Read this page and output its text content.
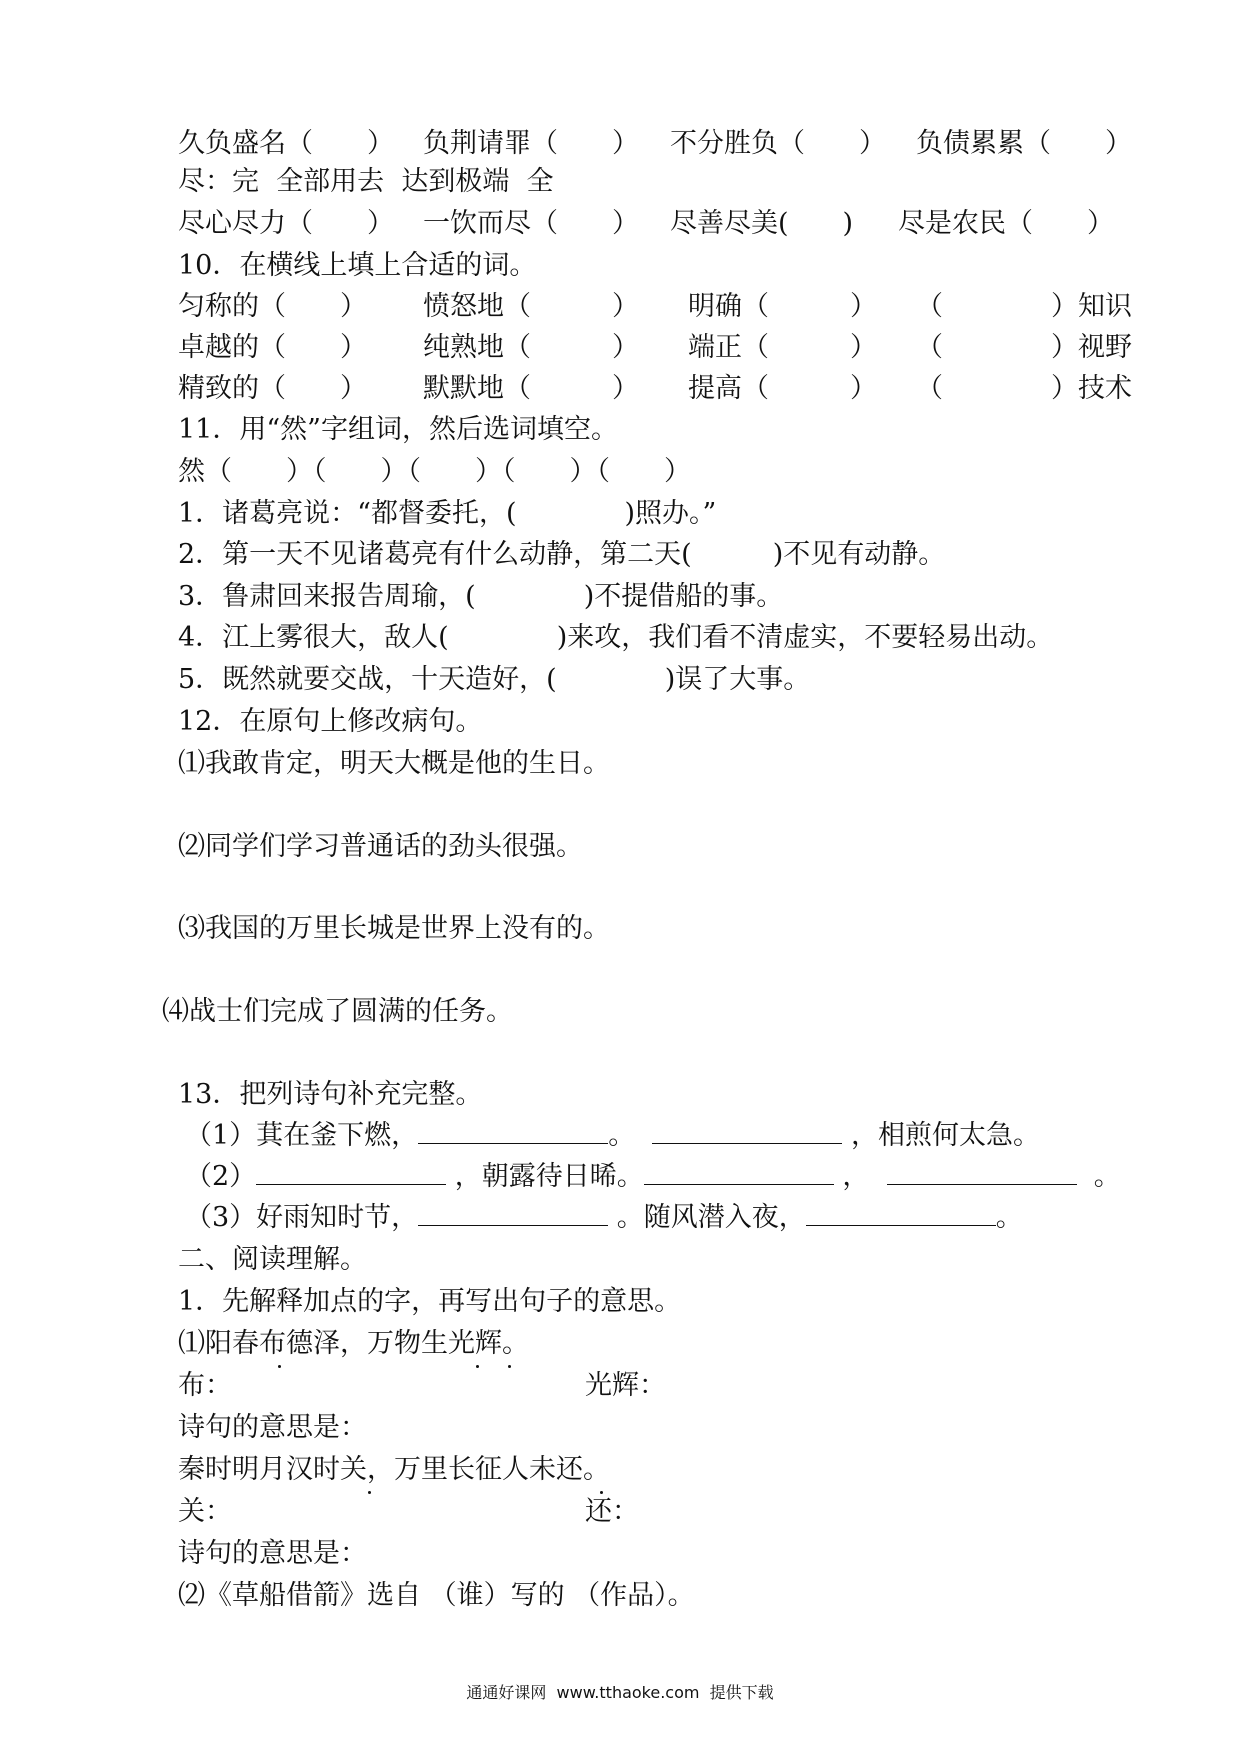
久负盛名（　　） 负荆请罪（　　） 不分胜负（　　） 负债累累（　　）
尽：完  全部用去  达到极端  全
尽心尽力（　　） 一饮而尽（　　） 尽善尽美(　　) 尽是农民（　　）
10．在横线上填上合适的词。
匀称的（　　） 愤怒地（　　　） 明确（　　　） （　　　　）知识
卓越的（　　） 纯熟地（　　　） 端正（　　　） （　　　　）视野
精致的（　　） 默默地（　　　） 提高（　　　） （　　　　）技术
11．用“然”字组词，然后选词填空。
然（　　）（　　）（　　）（　　）（　　）
1．诸葛亮说：“都督委托，(　　　　)照办。”
2．第一天不见诸葛亮有什么动静，第二天(　　　)不见有动静。
3．鲁肃回来报告周瑜，(　　　　)不提借船的事。
4．江上雾很大，敌人(　　　　)来攻，我们看不清虚实，不要轻易出动。
5．既然就要交战，十天造好，(　　　　)误了大事。
12．在原句上修改病句。
⑴我敢肯定，明天大概是他的生日。
⑵同学们学习普通话的劲头很强。
⑶我国的万里长城是世界上没有的。
⑷战士们完成了圆满的任务。
13．把列诗句补充完整。
（1）萁在釜下燃，	。	，相煎何太急。
（2）	，朝露待日晞。	，	。
（3）好雨知时节，	。随风潜入夜，	。
二、阅读理解。
1．先解释加点的字，再写出句子的意思。
⑴阳春布德泽，万物生光辉。
布：	光辉：
诗句的意思是：
秦时明月汉时关，万里长征人未还。
关：	还：
诗句的意思是：
⑵《草船借箭》选自 （谁）写的 （作品）。
通通好课网  www.tthaoke.com  提供下载
